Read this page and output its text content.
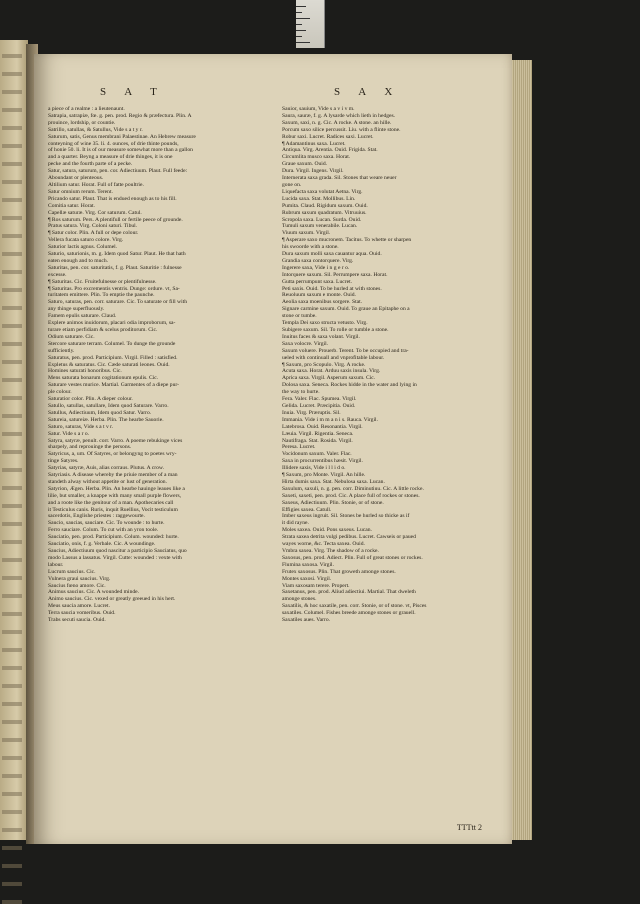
S A T	S A X
a piece of a realme : a lieutenaunt.
Satrapia, satrapiæ, fœ. g. pen. prod. Regio & præfectura. Plin. A
prouince, lordship, or countie.
Satrillo, satullas, & Satullus, Vide s a t y r.
Saturum, satis, Genus membrani Palaestinae. An Hebrew measure
conteyning of wine 35. li. 4. ounces, of drie thinte pounds,
of honie 50. li. It is of our measure somewhat more than a gallon
and a quarter. Beyng a measure of drie thinges, it is one
pecke and the fourth parte of a pecke.
Satur, satura, saturum, pen. cor. Adiectiuum. Plaut. Full feede:
Aboundant or plenteous.
Altilium satur. Horat. Full of fatte poultrie.
Satur omnium rerum. Terent.
Pricando satur. Plaut. That is endued enough as to his fill.
Comitia satur. Horat.
Capellæ saturæ. Virg. Cor saturum. Catul.
¶ Ros saturum. Pers. A plentifull or fertile peece of grounde.
Pratus satura. Virg. Coloni saturi. Tibul.
¶ Satur color. Plin. A full or depe colour.
Vellera fucata saturo colore. Virg.
Saturior lactis agnus. Columel.
Saturio, saturionis, m. g. Idem quod Satur. Plaut. He that hath
eaten enough and to much.
Saturitas, pen. cor. saturitatis, f. g. Plaut. Saturitie : fulnesse
excesse.
¶ Saturitas. Cic. Fruitefulnesse or plentifulnesse.
¶ Saturitas. Pro excrementis ventris. Dunge: ordure. vt, Sa-
turitatem emittere. Plin. To emptie the paunche.
Saturo, saturas, pen. corr. saturare. Cic. To saturate or fill with
any thinge superfluously.
Famem epulis saturare. Claud.
Explere animos inuidorum, placari odia improborum, sa-
turare etiam perfidiam & scelus proditorum. Cic.
Odium saturare. Cic.
Stercore saturare terram. Columel. To dunge the grounde
sufficiently.
Saturatus, pen. prod. Participium. Virgil. Filled : satisfied.
Expletus & saturatus. Cic. Cæde saturati leones. Ouid.
Homines saturati honoribus. Cic.
Mens saturata bonarum cogitationum epulis. Cic.
Saturare vestes murice. Martial. Garmentes of a diepe pur-
ple colour.
Saturatior color. Plin. A dieper colour.
Satullo, satullas, satullare, Idem quod Saturare. Varro.
Satullus, Adiectiuum, Idem quod Satur. Varro.
Satureia, satureiæ. Herba. Plin. The hearbe Sauorie.
Saturo, saturas, Vide s a t v r.
Satur. Vide s a r o.
Satyra, satyræ, penult. corr. Varro. A poeme rebukinge vices
sharpely, and reprouinge the persons.
Satyricus, a, um. Of Satyres, or belongyng to poetes wry-
tinge Satyres.
Satyrias, satyræ, Auis, alias corraus. Plutus. A crow.
Satyriasis. A disease whereby the priuie member of a man
standeth alway without appetite or lust of generation.
Satyrion, Ægen. Herba. Plin. An hearbe hauinge leaues like a
lilie, but smaller, a knappe with many small purple flowers,
and a roote like the genitour of a man. Apothecaries call
it Testiculus canis. Ruris, inquit Ruellius, Vocit testiculum
sacerdotis, Englishe priestes : raggewourte.
Saucio, saucias, sauciare. Cic. To wounde : to hurte.
Ferro sauciare. Colum. To cut with an yron toole.
Sauciatio, pen. prod. Participium. Colum. wounded: hurte.
Sauciatio, onis, f. g. Verbale. Cic. A woundinge.
Saucius, Adiectiuum quod nascitur a participio Sauciatus, quo
modo Lassus a lassatus. Virgil. Cutte: wounded : vexte with
labour.
Lucrum saucius. Cic.
Vulnera graui saucius. Virg.
Saucius fœno amore. Cic.
Animus saucius. Cic. A wounded minde.
Animo saucius. Cic. vexed or greatly greeued in his hert.
Meus saucia amore. Lucret.
Terra saucia vomeribus. Ouid.
Trabs secuti saucia. Ouid.
Sauior, sauium, Vide s a v i v m.
Saura, sauræ, f. g. A lysarde which lieth in hedges.
Saxum, saxi, n. g. Cic. A rocke. A stone. an hille.
Porcum saxo silice percussit. Liu. with a flinte stone.
Robur saxi. Lucret. Radices saxi. Lucret.
¶ Adamantinus saxa. Lucret.
Antiqua. Virg. Arentia. Ouid. Frigida. Stat.
Circumlita musco saxa. Horat.
Graue saxum. Ouid.
Dura. Virgil. Ingens. Virgil.
Internerata saxa grada. Sil. Stones that weare neuer
gone on.
Liquefacta saxa volutat Aetna. Virg.
Lucida saxa. Stat. Mollibus. Lin.
Pumita. Claud. Rigidum saxum. Ouid.
Rubrum saxum quadratum. Vitruuius.
Scropola saxa. Lucan. Surda. Ouid.
Tumuli saxum venerabile. Lucan.
Viuum saxum. Virgil.
¶ Asperare saxo mucronem. Tacitus. To whette or sharpen
his swoorde with a stone.
Dura saxum molli saxa cauantur aqua. Ouid.
Grandia saxa contorquere. Virg.
Ingerere saxa, Vide i n g e r o.
Intorquere saxum. Sil. Perrumpere saxa. Horat.
Gutta perrumpunt saxa. Lucret.
Peti saxis. Ouid. To be hurled at with stones.
Reuoluum saxum e monte. Ouid.
Aeolia saxa moenibus sorgere. Stat.
Signare carmine saxum. Ouid. To graue an Epitaphe on a
stone or tumbe.
Templa Dei saxo structa vetusto. Virg.
Subigere saxum. Sil. To rolle or tumble a stone.
Inuitus faces & saxa volant. Virgil.
Saxa volocre. Virgil.
Saxum voluere. Prouerb. Terent. To be occupied and tra-
ueled with continuall and vnprofitable labour.
¶ Saxum, pro Scopulo. Virg. A rocke.
Acuta saxa. Horat. Arduu saxis insula. Virg.
Aprica saxa. Virgil. Asperum saxum. Cic.
Dolosa saxa. Seneca. Rockes hidde in the water and lying in
the way to hurte.
Fera. Valer. Flac. Spumea. Virgil.
Gelida. Lucret. Præcipitia. Ouid.
Inuia. Virg. Præruptis. Sil.
Immania. Vide i m m a n i s. Rauca. Virgil.
Latebrosa. Ouid. Resonantia. Virgil.
Læuia. Virgil. Rigentia. Seneca.
Nautifraga. Stat. Rosida. Virgil.
Peresa. Lucret.
Vocidonum saxum. Valer. Flac.
Saxa in procurrentibus hæsit. Virgil.
Illidere saxis, Vide i l l i d o.
¶ Saxum, pro Monte. Virgil. An hille.
Hirta dumis saxa. Stat. Nebulosa saxa. Lucan.
Saxulum, saxuli, n. g. pen. corr. Diminutiuu. Cic. A little rocke.
Saxeti, saxeti, pen. prod. Cic. A place full of rockes or stones.
Saxeus, Adiectiuum. Plin. Stonie, or of stone.
Effigies saxea. Catull.
Imber saxeus ingruit. Sil. Stones be hurled so thicke as if
it did rayne.
Moles saxea. Ouid. Pons saxeus. Lucan.
Strata saxea detrita vulgi pedibus. Lucret. Cawseis or paued
wayes worne, &c. Tecta saxea. Ouid.
Vmbra saxea. Virg. The shadow of a rocke.
Saxosus, pen. prod. Adiect. Plin. Full of great stones or rockes.
Flumina saxosa. Virgil.
Frutex saxosus. Plin. That groweth amonge stones.
Montes saxosi. Virgil.
Viam saxosam terere. Propert.
Saxetanus, pen. prod. Aliud adiectiui. Martial. That dweleth
amonge stones.
Saxatilis, & hoc saxatile, pen. corr. Stonie, or of stone. vt, Pisces
saxatiles. Columel. Fishes breede amonge stones or grauell.
Saxatiles aues. Varro.
TTTtt 2
